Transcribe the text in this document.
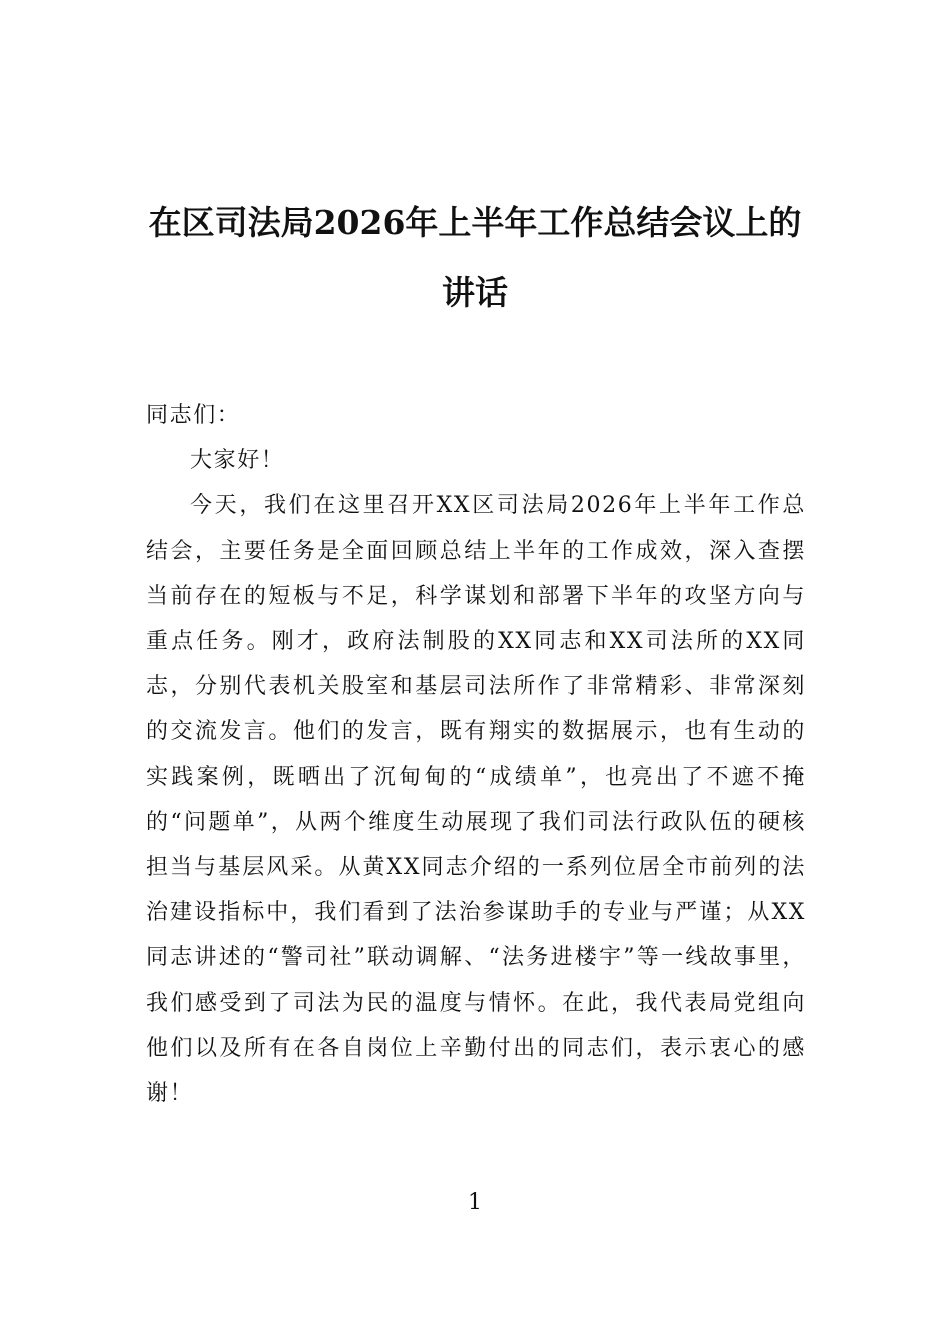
在区司法局2026年上半年工作总结会议上的讲话

同志们：

大家好！

今天，我们在这里召开XX区司法局2026年上半年工作总结会，主要任务是全面回顾总结上半年的工作成效，深入查摆当前存在的短板与不足，科学谋划和部署下半年的攻坚方向与重点任务。刚才，政府法制股的XX同志和XX司法所的XX同志，分别代表机关股室和基层司法所作了非常精彩、非常深刻的交流发言。他们的发言，既有翔实的数据展示，也有生动的实践案例，既晒出了沉甸甸的“成绩单”，也亮出了不遮不掩的“问题单”，从两个维度生动展现了我们司法行政队伍的硬核担当与基层风采。从黄XX同志介绍的一系列位居全市前列的法治建设指标中，我们看到了法治参谋助手的专业与严谨；从XX同志讲述的“警司社”联动调解、“法务进楼宇”等一线故事里，我们感受到了司法为民的温度与情怀。在此，我代表局党组向他们以及所有在各自岗位上辛勤付出的同志们，表示衷心的感谢！

1
